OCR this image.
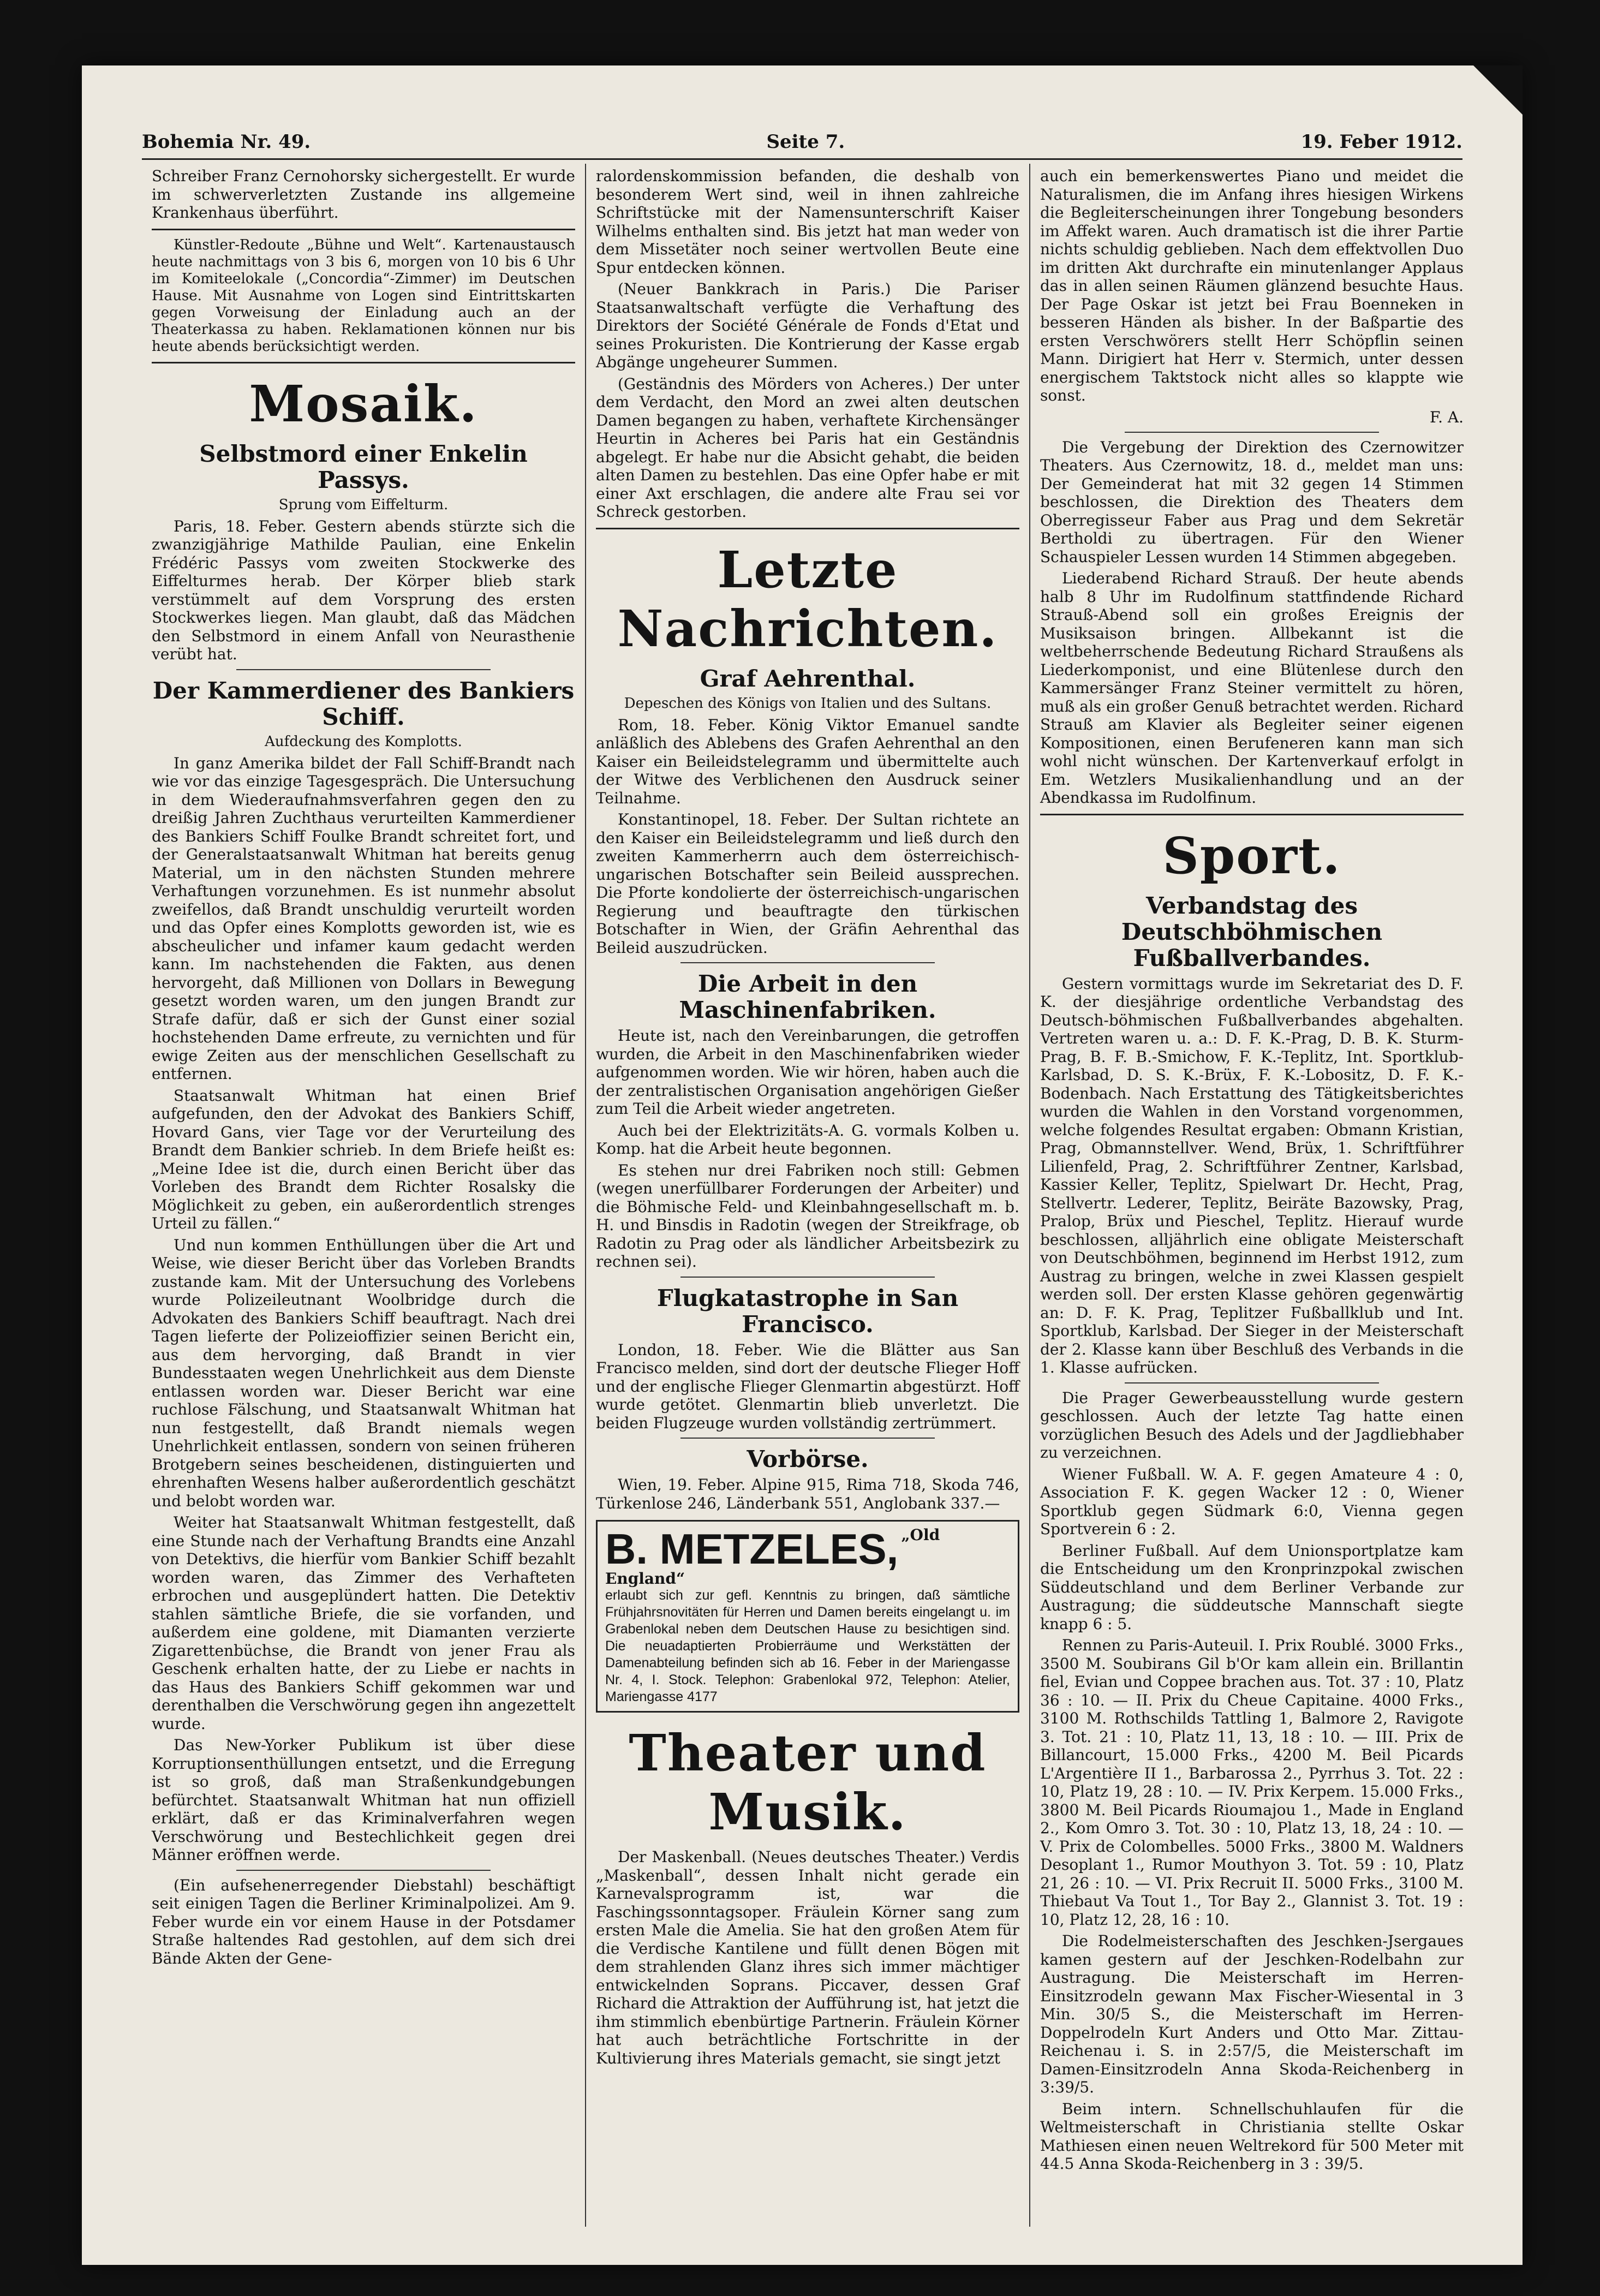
Bohemia Nr. 49.	Seite 7.	19. Feber 1912.

Schreiber Franz Cernohorsky sichergestellt. Er wurde im schwerverletzten Zustande ins allgemeine Krankenhaus überführt.

Künstler-Redoute „Bühne und Welt“. Kartenaustausch heute nachmittags von 3 bis 6, morgen von 10 bis 6 Uhr im Komiteelokale („Concordia“-Zimmer) im Deutschen Hause. Mit Ausnahme von Logen sind Eintrittskarten gegen Vorweisung der Einladung auch an der Theaterkassa zu haben. Reklamationen können nur bis heute abends berücksichtigt werden.

Mosaik.
Selbstmord einer Enkelin Passys.
Sprung vom Eiffelturm.

Paris, 18. Feber. Gestern abends stürzte sich die zwanzigjährige Mathilde Paulian, eine Enkelin Frédéric Passys vom zweiten Stockwerke des Eiffelturmes herab. Der Körper blieb stark verstümmelt auf dem Vorsprung des ersten Stockwerkes liegen. Man glaubt, daß das Mädchen den Selbstmord in einem Anfall von Neurasthenie verübt hat.

Der Kammerdiener des Bankiers Schiff.
Aufdeckung des Komplotts.

In ganz Amerika bildet der Fall Schiff-Brandt nach wie vor das einzige Tagesgespräch. Die Untersuchung in dem Wiederaufnahmsverfahren gegen den zu dreißig Jahren Zuchthaus verurteilten Kammerdiener des Bankiers Schiff Foulke Brandt schreitet fort, und der Generalstaatsanwalt Whitman hat bereits genug Material, um in den nächsten Stunden mehrere Verhaftungen vorzunehmen. Es ist nunmehr absolut zweifellos, daß Brandt unschuldig verurteilt worden und das Opfer eines Komplotts geworden ist, wie es abscheulicher und infamer kaum gedacht werden kann. Im nachstehenden die Fakten, aus denen hervorgeht, daß Millionen von Dollars in Bewegung gesetzt worden waren, um den jungen Brandt zur Strafe dafür, daß er sich der Gunst einer sozial hochstehenden Dame erfreute, zu vernichten und für ewige Zeiten aus der menschlichen Gesellschaft zu entfernen.

Staatsanwalt Whitman hat einen Brief aufgefunden, den der Advokat des Bankiers Schiff, Hovard Gans, vier Tage vor der Verurteilung des Brandt dem Bankier schrieb. In dem Briefe heißt es: „Meine Idee ist die, durch einen Bericht über das Vorleben des Brandt dem Richter Rosalsky die Möglichkeit zu geben, ein außerordentlich strenges Urteil zu fällen.“

Und nun kommen Enthüllungen über die Art und Weise, wie dieser Bericht über das Vorleben Brandts zustande kam. Mit der Untersuchung des Vorlebens wurde Polizeileutnant Woolbridge durch die Advokaten des Bankiers Schiff beauftragt. Nach drei Tagen lieferte der Polizeioffizier seinen Bericht ein, aus dem hervorging, daß Brandt in vier Bundesstaaten wegen Unehrlichkeit aus dem Dienste entlassen worden war. Dieser Bericht war eine ruchlose Fälschung, und Staatsanwalt Whitman hat nun festgestellt, daß Brandt niemals wegen Unehrlichkeit entlassen, sondern von seinen früheren Brotgebern seines bescheidenen, distinguierten und ehrenhaften Wesens halber außerordentlich geschätzt und belobt worden war.

Weiter hat Staatsanwalt Whitman festgestellt, daß eine Stunde nach der Verhaftung Brandts eine Anzahl von Detektivs, die hierfür vom Bankier Schiff bezahlt worden waren, das Zimmer des Verhafteten erbrochen und ausgeplündert hatten. Die Detektiv stahlen sämtliche Briefe, die sie vorfanden, und außerdem eine goldene, mit Diamanten verzierte Zigarettenbüchse, die Brandt von jener Frau als Geschenk erhalten hatte, der zu Liebe er nachts in das Haus des Bankiers Schiff gekommen war und derenthalben die Verschwörung gegen ihn angezettelt wurde.

Das New-Yorker Publikum ist über diese Korruptionsenthüllungen entsetzt, und die Erregung ist so groß, daß man Straßenkundgebungen befürchtet. Staatsanwalt Whitman hat nun offiziell erklärt, daß er das Kriminalverfahren wegen Verschwörung und Bestechlichkeit gegen drei Männer eröffnen werde.

(Ein aufsehenerregender Diebstahl) beschäftigt seit einigen Tagen die Berliner Kriminalpolizei. Am 9. Feber wurde ein vor einem Hause in der Potsdamer Straße haltendes Rad gestohlen, auf dem sich drei Bände Akten der Gene-

ralordenskommission befanden, die deshalb von besonderem Wert sind, weil in ihnen zahlreiche Schriftstücke mit der Namensunterschrift Kaiser Wilhelms enthalten sind. Bis jetzt hat man weder von dem Missetäter noch seiner wertvollen Beute eine Spur entdecken können.

(Neuer Bankkrach in Paris.) Die Pariser Staatsanwaltschaft verfügte die Verhaftung des Direktors der Société Générale de Fonds d'Etat und seines Prokuristen. Die Kontrierung der Kasse ergab Abgänge ungeheurer Summen.

(Geständnis des Mörders von Acheres.) Der unter dem Verdacht, den Mord an zwei alten deutschen Damen begangen zu haben, verhaftete Kirchensänger Heurtin in Acheres bei Paris hat ein Geständnis abgelegt. Er habe nur die Absicht gehabt, die beiden alten Damen zu bestehlen. Das eine Opfer habe er mit einer Axt erschlagen, die andere alte Frau sei vor Schreck gestorben.

Letzte Nachrichten.
Graf Aehrenthal.
Depeschen des Königs von Italien und des Sultans.

Rom, 18. Feber. König Viktor Emanuel sandte anläßlich des Ablebens des Grafen Aehrenthal an den Kaiser ein Beileidstelegramm und übermittelte auch der Witwe des Verblichenen den Ausdruck seiner Teilnahme.

Konstantinopel, 18. Feber. Der Sultan richtete an den Kaiser ein Beileidstelegramm und ließ durch den zweiten Kammerherrn auch dem österreichisch-ungarischen Botschafter sein Beileid aussprechen. Die Pforte kondolierte der österreichisch-ungarischen Regierung und beauftragte den türkischen Botschafter in Wien, der Gräfin Aehrenthal das Beileid auszudrücken.

Die Arbeit in den Maschinenfabriken.

Heute ist, nach den Vereinbarungen, die getroffen wurden, die Arbeit in den Maschinenfabriken wieder aufgenommen worden. Wie wir hören, haben auch die der zentralistischen Organisation angehörigen Gießer zum Teil die Arbeit wieder angetreten.

Auch bei der Elektrizitäts-A. G. vormals Kolben u. Komp. hat die Arbeit heute begonnen.

Es stehen nur drei Fabriken noch still: Gebmen (wegen unerfüllbarer Forderungen der Arbeiter) und die Böhmische Feld- und Kleinbahngesellschaft m. b. H. und Binsdis in Radotin (wegen der Streikfrage, ob Radotin zu Prag oder als ländlicher Arbeitsbezirk zu rechnen sei).

Flugkatastrophe in San Francisco.

London, 18. Feber. Wie die Blätter aus San Francisco melden, sind dort der deutsche Flieger Hoff und der englische Flieger Glenmartin abgestürzt. Hoff wurde getötet. Glenmartin blieb unverletzt. Die beiden Flugzeuge wurden vollständig zertrümmert.

Vorbörse.

Wien, 19. Feber. Alpine 915, Rima 718, Skoda 746, Türkenlose 246, Länderbank 551, Anglobank 337.—

B. METZELES, „Old England“
erlaubt sich zur gefl. Kenntnis zu bringen, daß sämtliche Frühjahrsnovitäten für Herren und Damen bereits eingelangt u. im Grabenlokal neben dem Deutschen Hause zu besichtigen sind. Die neuadaptierten Probierräume und Werkstätten der Damenabteilung befinden sich ab 16. Feber in der Mariengasse Nr. 4, I. Stock. Telephon: Grabenlokal 972, Telephon: Atelier, Mariengasse 4177
Theater und Musik.

Der Maskenball. (Neues deutsches Theater.) Verdis „Maskenball“, dessen Inhalt nicht gerade ein Karnevalsprogramm ist, war die Faschingssonntagsoper. Fräulein Körner sang zum ersten Male die Amelia. Sie hat den großen Atem für die Verdische Kantilene und füllt denen Bögen mit dem strahlenden Glanz ihres sich immer mächtiger entwickelnden Soprans. Piccaver, dessen Graf Richard die Attraktion der Aufführung ist, hat jetzt die ihm stimmlich ebenbürtige Partnerin. Fräulein Körner hat auch beträchtliche Fortschritte in der Kultivierung ihres Materials gemacht, sie singt jetzt

auch ein bemerkenswertes Piano und meidet die Naturalismen, die im Anfang ihres hiesigen Wirkens die Begleiterscheinungen ihrer Tongebung besonders im Affekt waren. Auch dramatisch ist die ihrer Partie nichts schuldig geblieben. Nach dem effektvollen Duo im dritten Akt durchrafte ein minutenlanger Applaus das in allen seinen Räumen glänzend besuchte Haus. Der Page Oskar ist jetzt bei Frau Boenneken in besseren Händen als bisher. In der Baßpartie des ersten Verschwörers stellt Herr Schöpflin seinen Mann. Dirigiert hat Herr v. Stermich, unter dessen energischem Taktstock nicht alles so klappte wie sonst.

F. A.

Die Vergebung der Direktion des Czernowitzer Theaters. Aus Czernowitz, 18. d., meldet man uns: Der Gemeinderat hat mit 32 gegen 14 Stimmen beschlossen, die Direktion des Theaters dem Oberregisseur Faber aus Prag und dem Sekretär Bertholdi zu übertragen. Für den Wiener Schauspieler Lessen wurden 14 Stimmen abgegeben.

Liederabend Richard Strauß. Der heute abends halb 8 Uhr im Rudolfinum stattfindende Richard Strauß-Abend soll ein großes Ereignis der Musiksaison bringen. Allbekannt ist die weltbeherrschende Bedeutung Richard Straußens als Liederkomponist, und eine Blütenlese durch den Kammersänger Franz Steiner vermittelt zu hören, muß als ein großer Genuß betrachtet werden. Richard Strauß am Klavier als Begleiter seiner eigenen Kompositionen, einen Berufeneren kann man sich wohl nicht wünschen. Der Kartenverkauf erfolgt in Em. Wetzlers Musikalienhandlung und an der Abendkassa im Rudolfinum.

Sport.
Verbandstag des Deutschböhmischen Fußballverbandes.

Gestern vormittags wurde im Sekretariat des D. F. K. der diesjährige ordentliche Verbandstag des Deutsch-böhmischen Fußballverbandes abgehalten. Vertreten waren u. a.: D. F. K.-Prag, D. B. K. Sturm-Prag, B. F. B.-Smichow, F. K.-Teplitz, Int. Sportklub-Karlsbad, D. S. K.-Brüx, F. K.-Lobositz, D. F. K.-Bodenbach. Nach Erstattung des Tätigkeitsberichtes wurden die Wahlen in den Vorstand vorgenommen, welche folgendes Resultat ergaben: Obmann Kristian, Prag, Obmannstellver. Wend, Brüx, 1. Schriftführer Lilienfeld, Prag, 2. Schriftführer Zentner, Karlsbad, Kassier Keller, Teplitz, Spielwart Dr. Hecht, Prag, Stellvertr. Lederer, Teplitz, Beiräte Bazowsky, Prag, Pralop, Brüx und Pieschel, Teplitz. Hierauf wurde beschlossen, alljährlich eine obligate Meisterschaft von Deutschböhmen, beginnend im Herbst 1912, zum Austrag zu bringen, welche in zwei Klassen gespielt werden soll. Der ersten Klasse gehören gegenwärtig an: D. F. K. Prag, Teplitzer Fußballklub und Int. Sportklub, Karlsbad. Der Sieger in der Meisterschaft der 2. Klasse kann über Beschluß des Verbands in die 1. Klasse aufrücken.

Die Prager Gewerbeausstellung wurde gestern geschlossen. Auch der letzte Tag hatte einen vorzüglichen Besuch des Adels und der Jagdliebhaber zu verzeichnen.

Wiener Fußball. W. A. F. gegen Amateure 4 : 0, Association F. K. gegen Wacker 12 : 0, Wiener Sportklub gegen Südmark 6:0, Vienna gegen Sportverein 6 : 2.

Berliner Fußball. Auf dem Unionsportplatze kam die Entscheidung um den Kronprinzpokal zwischen Süddeutschland und dem Berliner Verbande zur Austragung; die süddeutsche Mannschaft siegte knapp 6 : 5.

Rennen zu Paris-Auteuil. I. Prix Roublé. 3000 Frks., 3500 M. Soubirans Gil b'Or kam allein ein. Brillantin fiel, Evian und Coppee brachen aus. Tot. 37 : 10, Platz 36 : 10. — II. Prix du Cheue Capitaine. 4000 Frks., 3100 M. Rothschilds Tattling 1, Balmore 2, Ravigote 3. Tot. 21 : 10, Platz 11, 13, 18 : 10. — III. Prix de Billancourt, 15.000 Frks., 4200 M. Beil Picards L'Argentière II 1., Barbarossa 2., Pyrrhus 3. Tot. 22 : 10, Platz 19, 28 : 10. — IV. Prix Kerpem. 15.000 Frks., 3800 M. Beil Picards Rioumajou 1., Made in England 2., Kom Omro 3. Tot. 30 : 10, Platz 13, 18, 24 : 10. — V. Prix de Colombelles. 5000 Frks., 3800 M. Waldners Desoplant 1., Rumor Mouthyon 3. Tot. 59 : 10, Platz 21, 26 : 10. — VI. Prix Recruit II. 5000 Frks., 3100 M. Thiebaut Va Tout 1., Tor Bay 2., Glannist 3. Tot. 19 : 10, Platz 12, 28, 16 : 10.

Die Rodelmeisterschaften des Jeschken-Jsergaues kamen gestern auf der Jeschken-Rodelbahn zur Austragung. Die Meisterschaft im Herren-Einsitzrodeln gewann Max Fischer-Wiesental in 3 Min. 30/5 S., die Meisterschaft im Herren-Doppelrodeln Kurt Anders und Otto Mar. Zittau-Reichenau i. S. in 2:57/5, die Meisterschaft im Damen-Einsitzrodeln Anna Skoda-Reichenberg in 3:39/5.

Beim intern. Schnellschuhlaufen für die Weltmeisterschaft in Christiania stellte Oskar Mathiesen einen neuen Weltrekord für 500 Meter mit 44.5 Anna Skoda-Reichenberg in 3 : 39/5.
